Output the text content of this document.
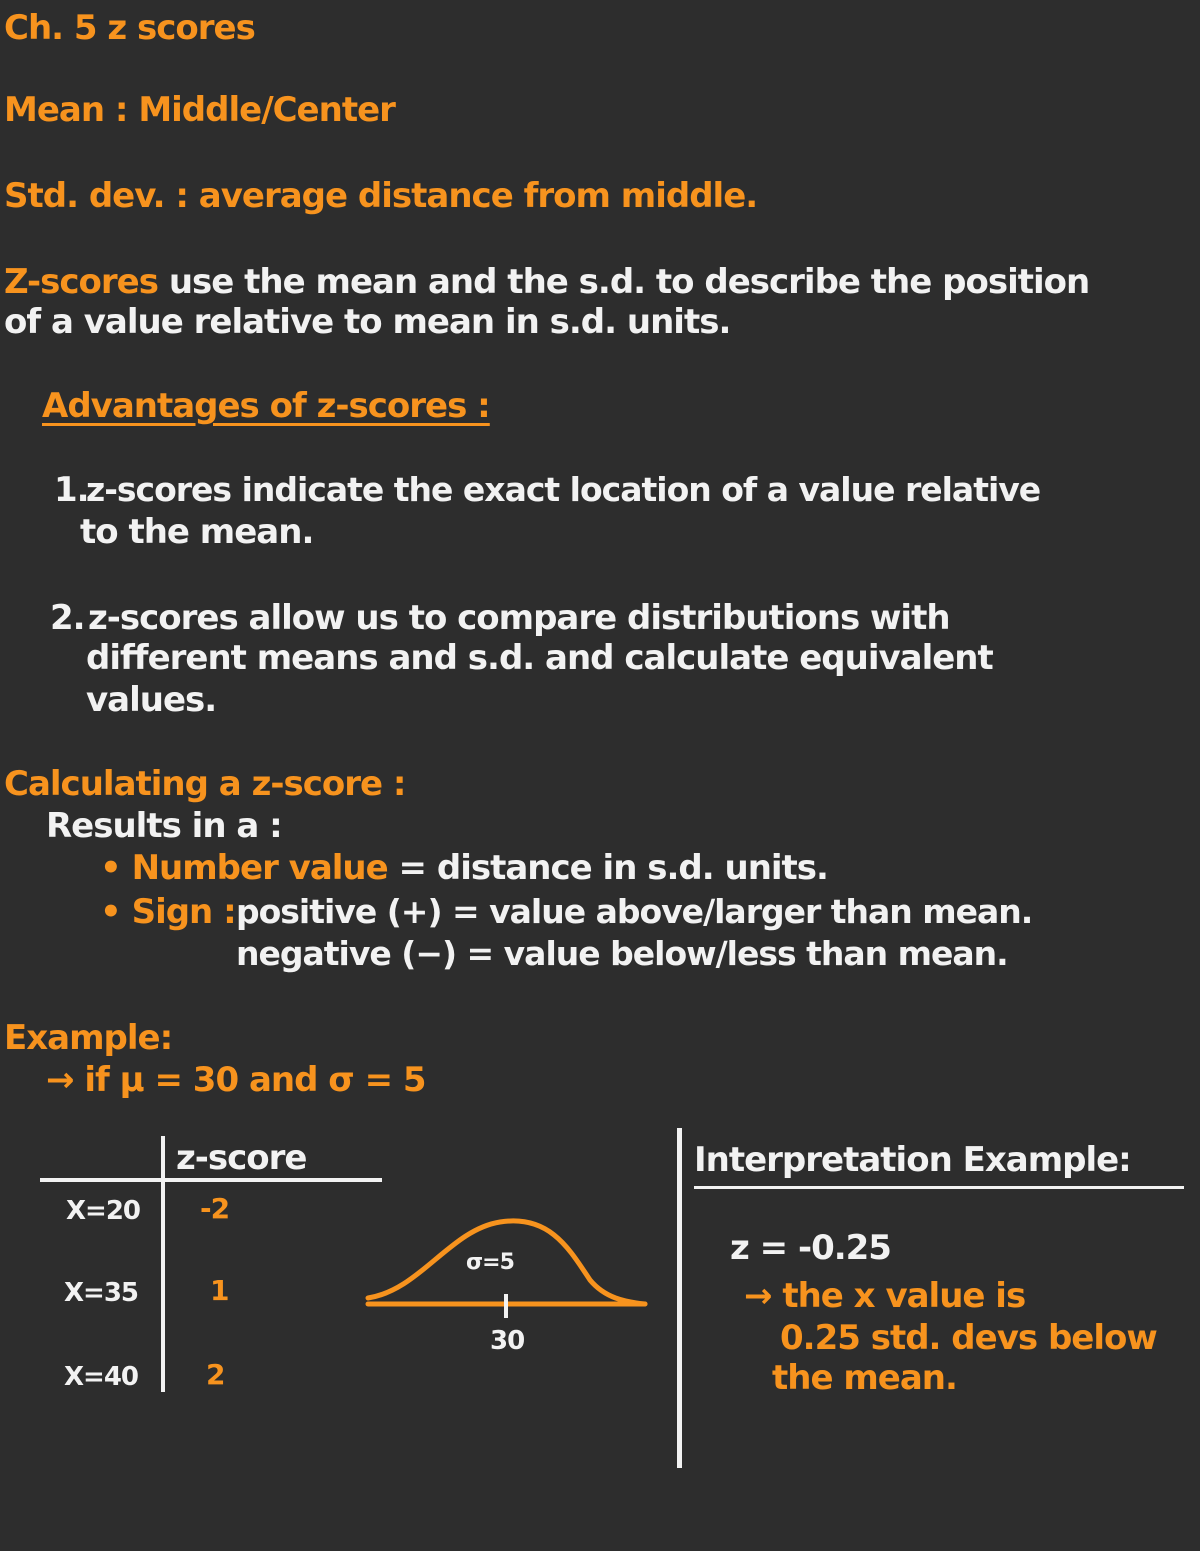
Ch. 5 z scores
Mean : Middle/Center
Std. dev. : average distance from middle.
Z-scores use the mean and the s.d. to describe the position
of a value relative to mean in s.d. units.
Advantages of z-scores :
1.
z-scores indicate the exact location of a value relative
to the mean.
2. z-scores allow us to compare distributions with
different means and s.d. and calculate equivalent
values.
Calculating a z-score :
Results in a :
• Number value = distance in s.d. units.
• Sign : positive (+) = value above/larger than mean.
negative (−) = value below/less than mean.
Example:
→ if μ = 30 and σ = 5
z-score
X=20 -2
X=35	1
X=40 2
σ=5
30
Interpretation Example:
z = -0.25
→ the x value is
0.25 std. devs below
the mean.
